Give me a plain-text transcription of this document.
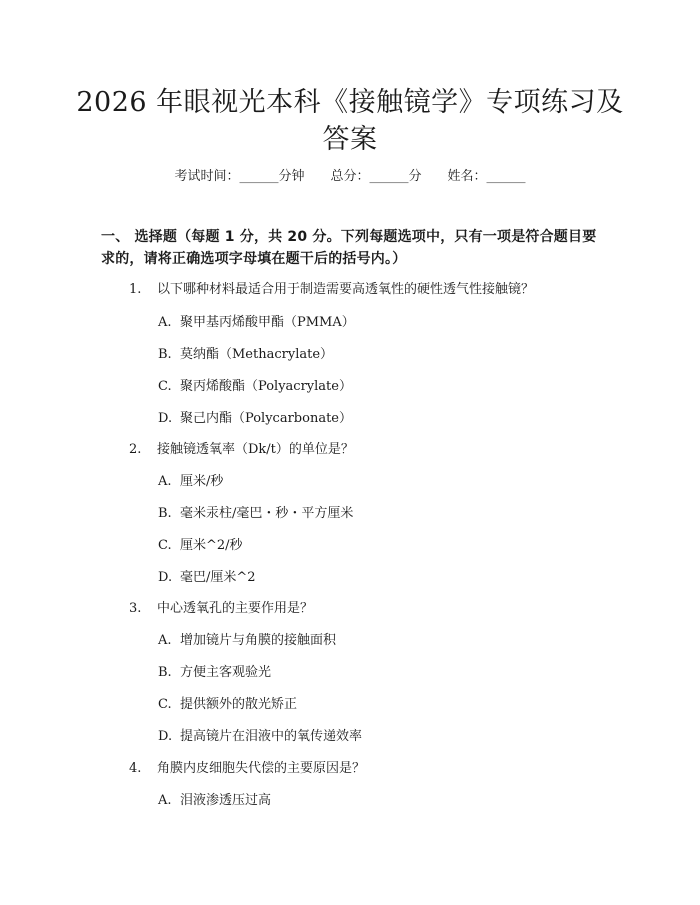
2026 年眼视光本科《接触镜学》专项练习及
答案
考试时间：______分钟 总分：______分 姓名：______
一、 选择题（每题 1 分，共 20 分。下列每题选项中，只有一项是符合题目要求的，请将正确选项字母填在题干后的括号内。）
1. 以下哪种材料最适合用于制造需要高透氧性的硬性透气性接触镜？
A. 聚甲基丙烯酸甲酯（PMMA）
B. 莫纳酯（Methacrylate）
C. 聚丙烯酸酯（Polyacrylate）
D. 聚己内酯（Polycarbonate）
2. 接触镜透氧率（Dk/t）的单位是？
A. 厘米/秒
B. 毫米汞柱/毫巴・秒・平方厘米
C. 厘米^2/秒
D. 毫巴/厘米^2
3. 中心透氧孔的主要作用是？
A. 增加镜片与角膜的接触面积
B. 方便主客观验光
C. 提供额外的散光矫正
D. 提高镜片在泪液中的氧传递效率
4. 角膜内皮细胞失代偿的主要原因是？
A. 泪液渗透压过高
